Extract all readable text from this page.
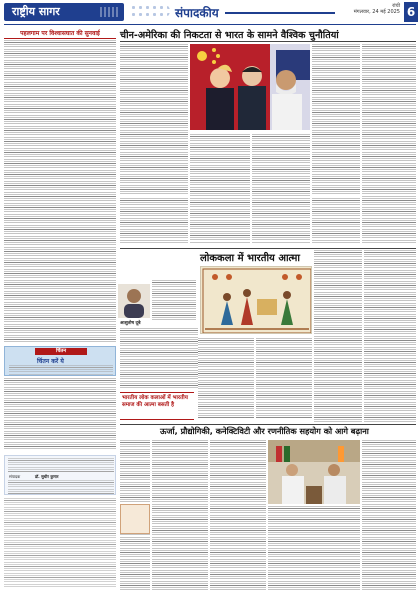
राष्ट्रीय सागर	संपादकीय	रांची
मंगलवार, 24 मई 2025 6
पहलगाम पर विश्वासघात की सुनवाई
चिंतन
चिंतन करें ये
संपादक	डॉ. सुधीर कुमार
चीन-अमेरिका की निकटता से भारत के सामने वैश्विक चुनौतियां
लोककला में भारतीय आत्मा
आशुतोष दूबे
भारतीय लोक कलाओं में भारतीय समाज की आत्मा बसती है
ऊर्जा, प्रौद्योगिकी, कनेक्टिविटी और रणनीतिक सहयोग को आगे बढ़ाना
